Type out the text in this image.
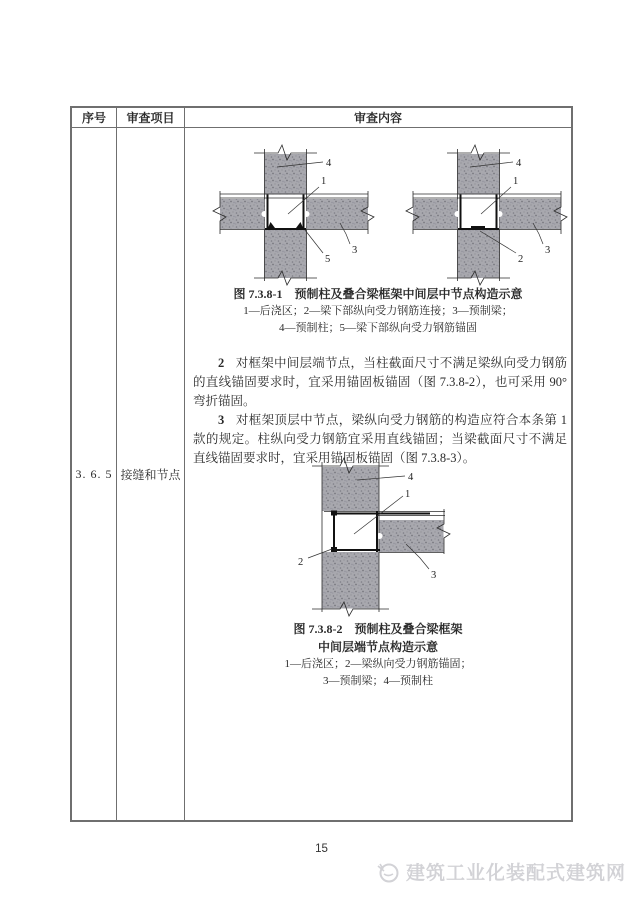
序号	审查项目	审查内容
3. 6. 5 接缝和节点
4
1
3
5
4
1
3
2
图 7.3.8-1　预制柱及叠合梁框架中间层中节点构造示意
1—后浇区；2—梁下部纵向受力钢筋连接；3—预制梁；
4—预制柱；5—梁下部纵向受力钢筋锚固

2 对框架中间层端节点，当柱截面尺寸不满足梁纵向受力钢筋的直线锚固要求时，宜采用锚固板锚固（图 7.3.8-2），也可采用 90°弯折锚固。

3 对框架顶层中节点，梁纵向受力钢筋的构造应符合本条第 1 款的规定。柱纵向受力钢筋宜采用直线锚固；当梁截面尺寸不满足直线锚固要求时，宜采用锚固板锚固（图 7.3.8-3）。

4
1
2
3
图 7.3.8-2　预制柱及叠合梁框架
中间层端节点构造示意
1—后浇区；2—梁纵向受力钢筋锚固；
3—预制梁；4—预制柱
15
建筑工业化装配式建筑网
